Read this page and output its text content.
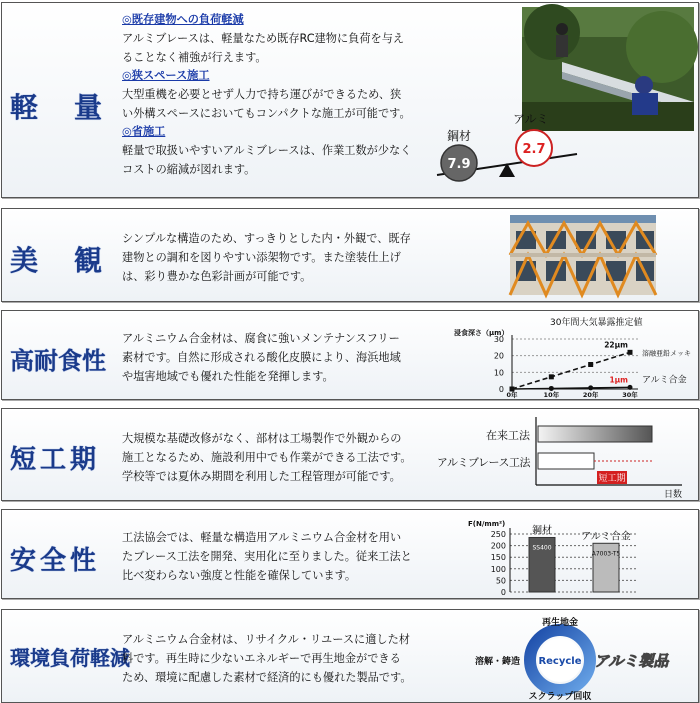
軽　量
◎既存建物への負荷軽減
アルミブレースは、軽量なため既存RC建物に負荷を与え
ることなく補強が行えます。
◎狭スペース施工
大型重機を必要とせず人力で持ち運びができるため、狭
い外構スペースにおいてもコンパクトな施工が可能です。
◎省施工
軽量で取扱いやすいアルミブレースは、作業工数が少なく
コストの縮減が図れます。
鋼材
アルミ
7.9
2.7
美　観
シンプルな構造のため、すっきりとした内・外観で、既存
建物との調和を図りやすい添架物です。また塗装仕上げ
は、彩り豊かな色彩計画が可能です。
高耐食性
アルミニウム合金材は、腐食に強いメンテナンスフリー
素材です。自然に形成される酸化皮膜により、海浜地域
や塩害地域でも優れた性能を発揮します。
30年間大気暴露推定値
浸食深さ（μm）
0
10
20
30
0年	10年	20年	30年
22μm
溶融亜鉛メッキ
1μm アルミ合金
短工期
大規模な基礎改修がなく、部材は工場製作で外観からの
施工となるため、施設利用中でも作業ができる工法です。
学校等では夏休み期間を利用した工程管理が可能です。
在来工法
アルミブレース工法
短工期
日数
安全性
工法協会では、軽量な構造用アルミニウム合金材を用い
たブレース工法を開発、実用化に至りました。従来工法と
比べ変わらない強度と性能を確保しています。
F(N/mm²)
0
50
100
150
200
250	鋼材
SS400
アルミ合金
A7003-T5
環境負荷軽減
アルミニウム合金材は、リサイクル・リユースに適した材
料です。再生時に少ないエネルギーで再生地金ができる
ため、環境に配慮した素材で経済的にも優れた製品です。
Recycle
再生地金
溶解・鋳造	アルミ製品
スクラップ回収
